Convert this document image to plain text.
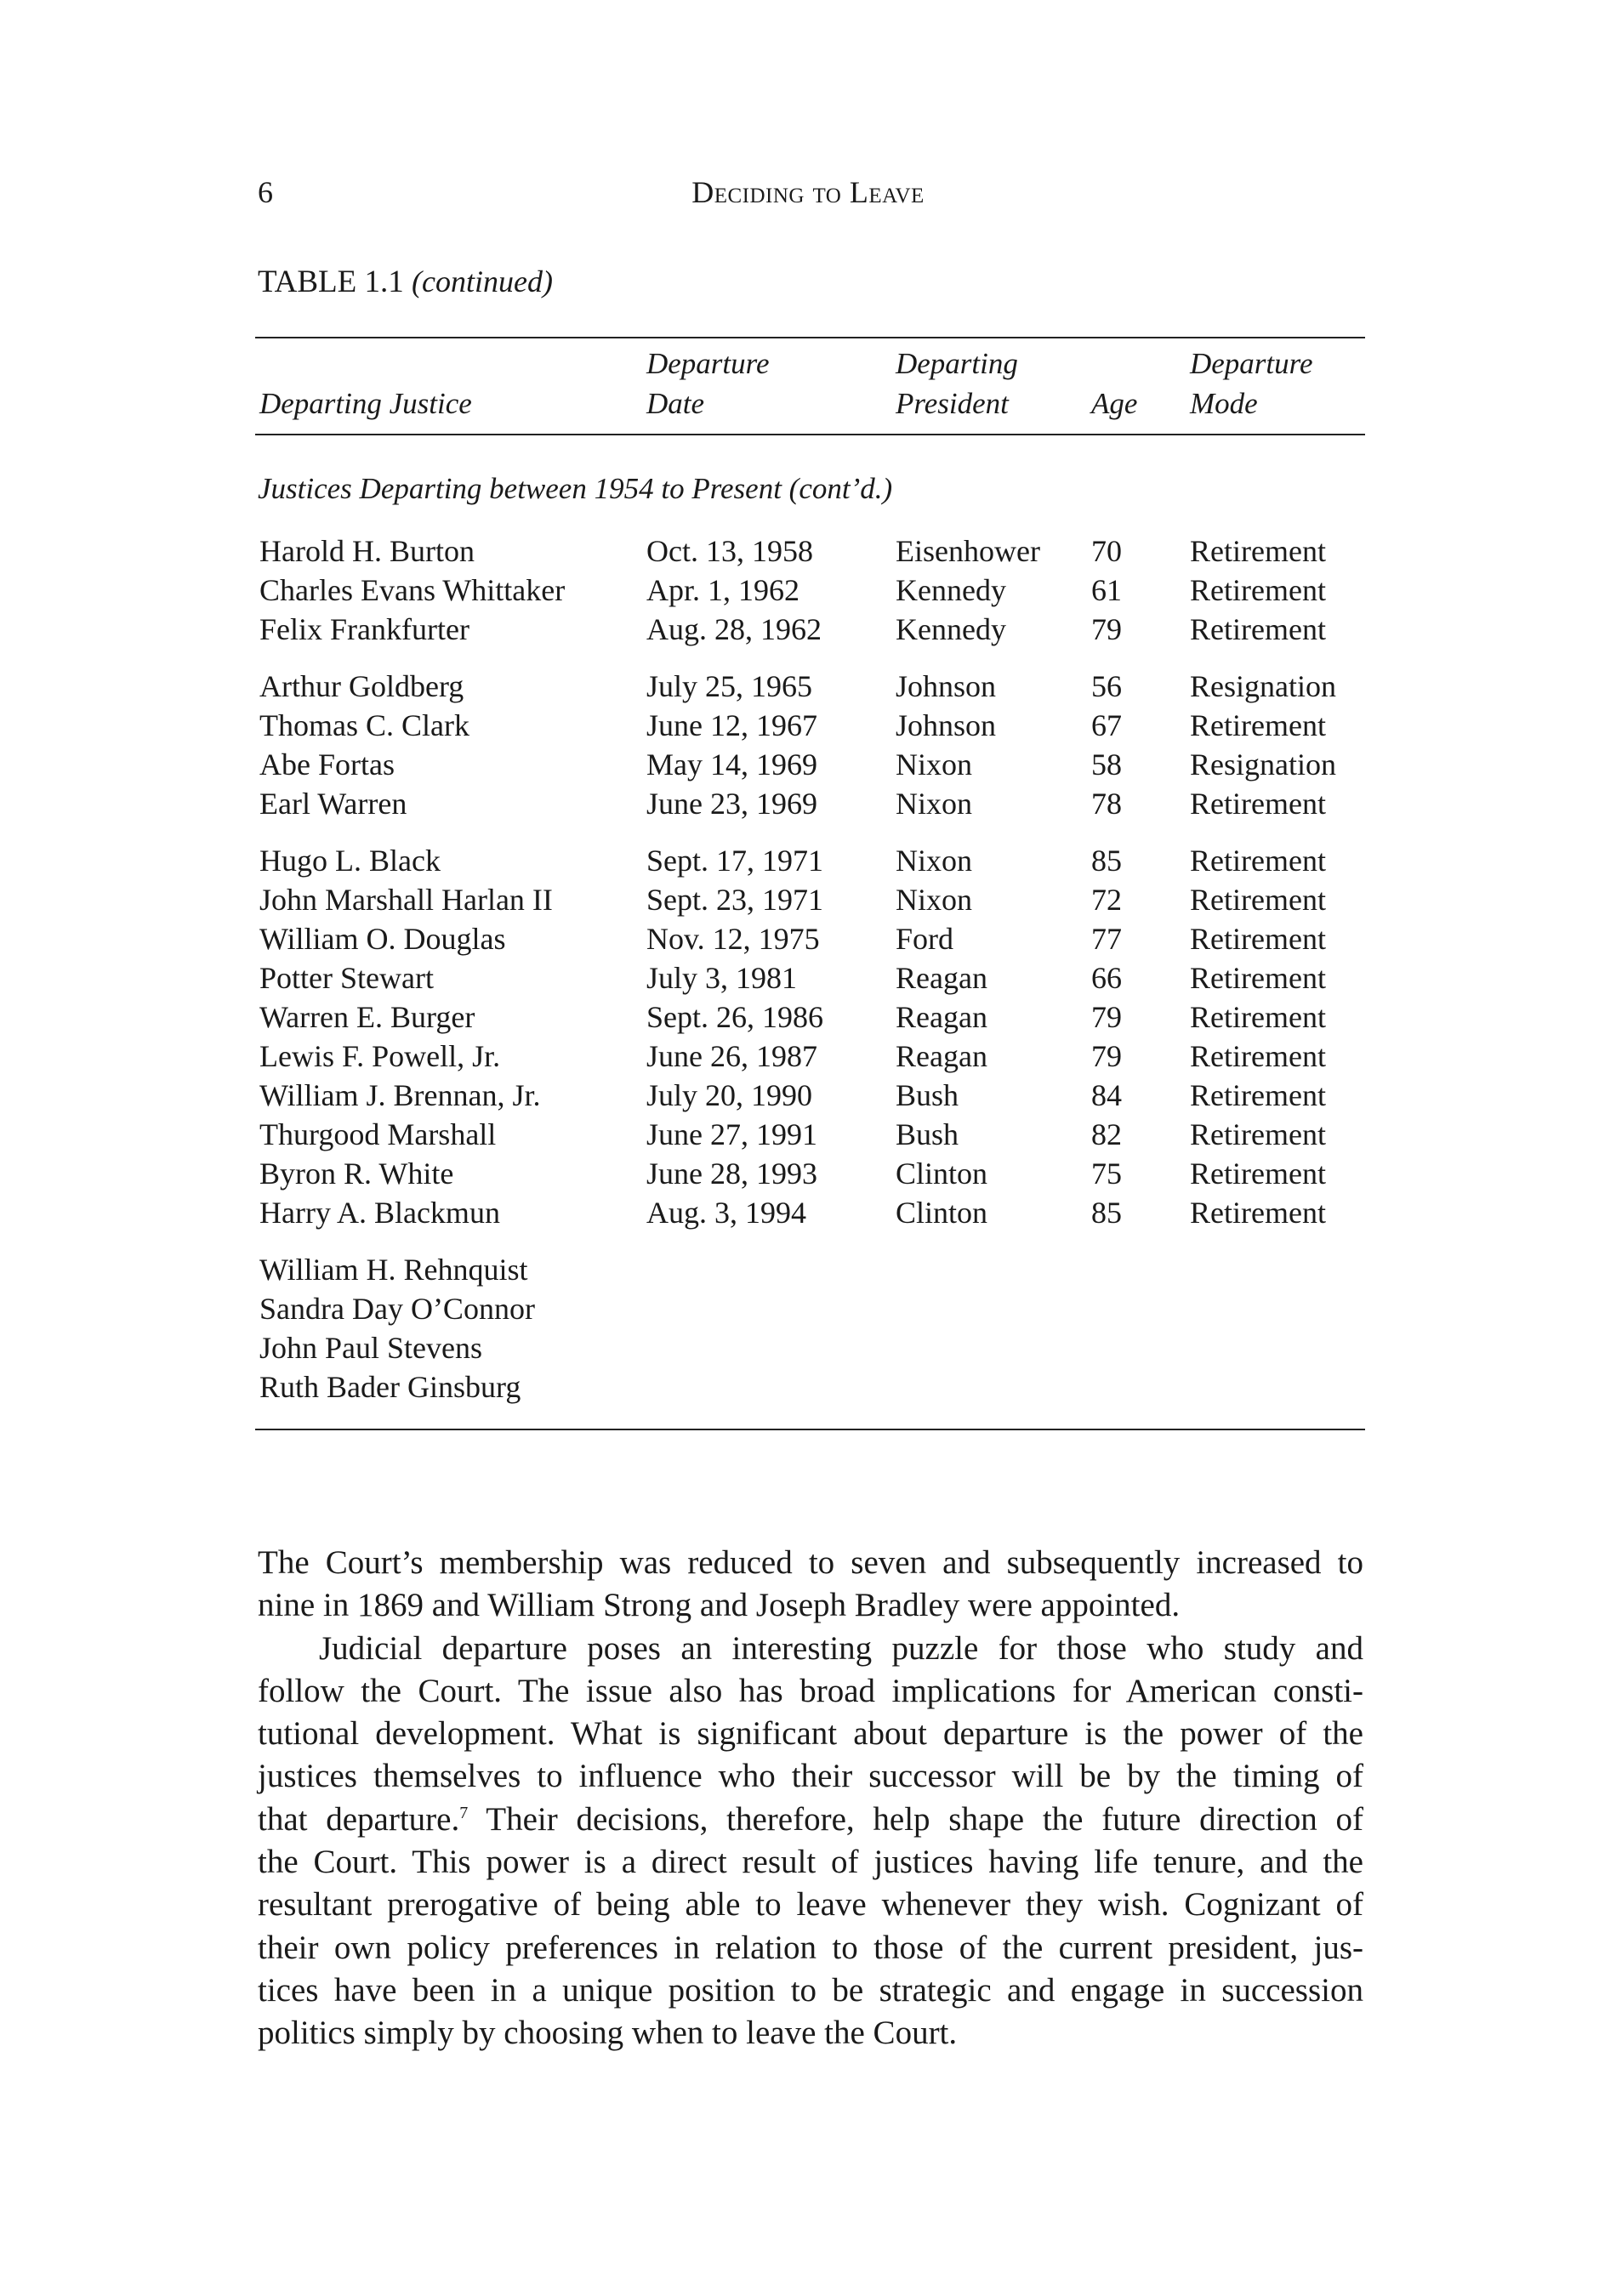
6	Deciding to Leave
TABLE 1.1 (continued)
Departure	Departing	Departure
Departing Justice	Date	President	Age Mode
Justices Departing between 1954 to Present (cont’d.)
Harold H. Burton	Oct. 13, 1958	Eisenhower 70 Retirement
Charles Evans Whittaker	Apr. 1, 1962	Kennedy	61 Retirement
Felix Frankfurter	Aug. 28, 1962 Kennedy	79 Retirement
Arthur Goldberg	July 25, 1965	Johnson	56 Resignation
Thomas C. Clark	June 12, 1967	Johnson	67 Retirement
Abe Fortas	May 14, 1969	Nixon	58 Resignation
Earl Warren	June 23, 1969	Nixon	78 Retirement
Hugo L. Black	Sept. 17, 1971 Nixon	85 Retirement
John Marshall Harlan II	Sept. 23, 1971 Nixon	72 Retirement
William O. Douglas	Nov. 12, 1975 Ford	77 Retirement
Potter Stewart	July 3, 1981	Reagan	66 Retirement
Warren E. Burger	Sept. 26, 1986 Reagan	79 Retirement
Lewis F. Powell, Jr.	June 26, 1987	Reagan	79 Retirement
William J. Brennan, Jr.	July 20, 1990	Bush	84 Retirement
Thurgood Marshall	June 27, 1991	Bush	82 Retirement
Byron R. White	June 28, 1993	Clinton	75 Retirement
Harry A. Blackmun	Aug. 3, 1994	Clinton	85 Retirement
William H. Rehnquist
Sandra Day O’Connor
John Paul Stevens
Ruth Bader Ginsburg
The Court’s membership was reduced to seven and subsequently increased to
nine in 1869 and William Strong and Joseph Bradley were appointed.
Judicial departure poses an interesting puzzle for those who study and
follow the Court. The issue also has broad implications for American consti-
tutional development. What is significant about departure is the power of the
justices themselves to influence who their successor will be by the timing of
that departure.$^7$ Their decisions, therefore, help shape the future direction of
the Court. This power is a direct result of justices having life tenure, and the
resultant prerogative of being able to leave whenever they wish. Cognizant of
their own policy preferences in relation to those of the current president, jus-
tices have been in a unique position to be strategic and engage in succession
politics simply by choosing when to leave the Court.
